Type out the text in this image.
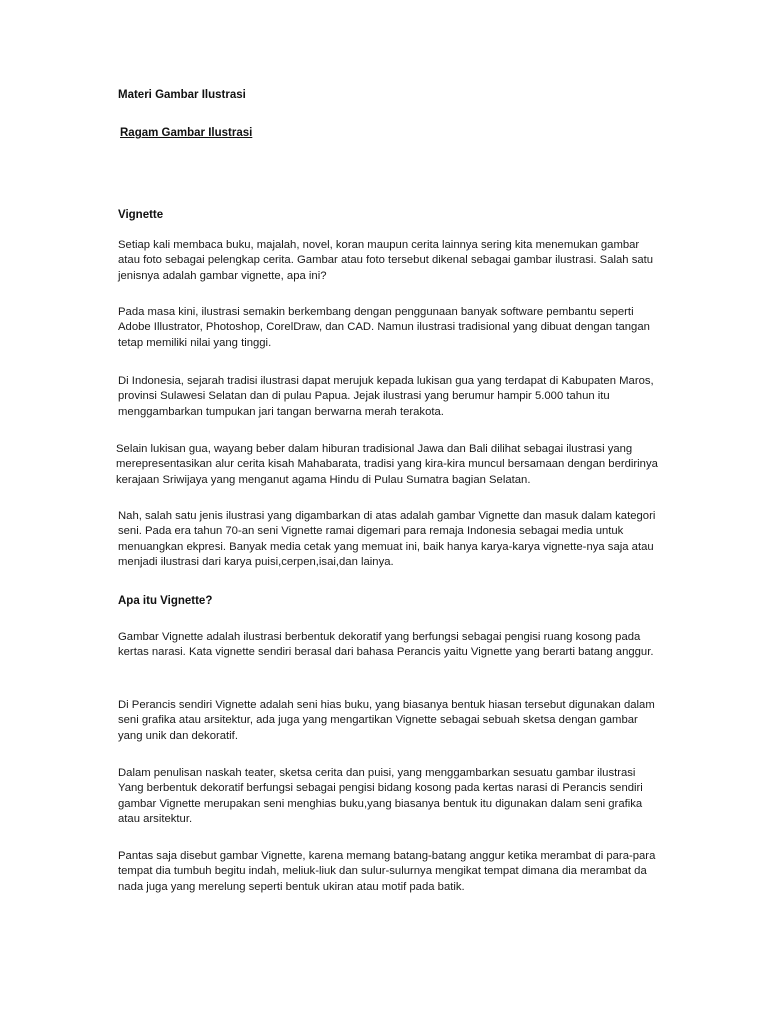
Materi Gambar Ilustrasi

Ragam Gambar Ilustrasi

Vignette

Setiap kali membaca buku, majalah, novel, koran maupun cerita lainnya sering kita menemukan gambar atau foto sebagai pelengkap cerita. Gambar atau foto tersebut dikenal sebagai gambar ilustrasi. Salah satu jenisnya adalah gambar vignette, apa ini?

Pada masa kini, ilustrasi semakin berkembang dengan penggunaan banyak software pembantu seperti Adobe Illustrator, Photoshop, CorelDraw, dan CAD. Namun ilustrasi tradisional yang dibuat dengan tangan tetap memiliki nilai yang tinggi.

Di Indonesia, sejarah tradisi ilustrasi dapat merujuk kepada lukisan gua yang terdapat di Kabupaten Maros, provinsi Sulawesi Selatan dan di pulau Papua. Jejak ilustrasi yang berumur hampir 5.000 tahun itu menggambarkan tumpukan jari tangan berwarna merah terakota.

Selain lukisan gua, wayang beber dalam hiburan tradisional Jawa dan Bali dilihat sebagai ilustrasi yang merepresentasikan alur cerita kisah Mahabarata, tradisi yang kira-kira muncul bersamaan dengan berdirinya kerajaan Sriwijaya yang menganut agama Hindu di Pulau Sumatra bagian Selatan.

Nah, salah satu jenis ilustrasi yang digambarkan di atas adalah gambar Vignette dan masuk dalam kategori seni. Pada era tahun 70-an seni Vignette ramai digemari para remaja Indonesia sebagai media untuk menuangkan ekpresi. Banyak media cetak yang memuat ini, baik hanya karya-karya vignette-nya saja atau menjadi ilustrasi dari karya puisi,cerpen,isai,dan lainya.

Apa itu Vignette?

Gambar Vignette adalah ilustrasi berbentuk dekoratif yang berfungsi sebagai pengisi ruang kosong pada kertas narasi. Kata vignette sendiri berasal dari bahasa Perancis yaitu Vignette yang berarti batang anggur.

Di Perancis sendiri Vignette adalah seni hias buku, yang biasanya bentuk hiasan tersebut digunakan dalam seni grafika atau arsitektur, ada juga yang mengartikan Vignette sebagai sebuah sketsa dengan gambar yang unik dan dekoratif.

Dalam penulisan naskah teater, sketsa cerita dan puisi, yang menggambarkan sesuatu gambar ilustrasi Yang berbentuk dekoratif berfungsi sebagai pengisi bidang kosong pada kertas narasi di Perancis sendiri gambar Vignette merupakan seni menghias buku,yang biasanya bentuk itu digunakan dalam seni grafika atau arsitektur.

Pantas saja disebut gambar Vignette, karena memang batang-batang anggur ketika merambat di para-para tempat dia tumbuh begitu indah, meliuk-liuk dan sulur-sulurnya mengikat tempat dimana dia merambat da nada juga yang merelung seperti bentuk ukiran atau motif pada batik.
